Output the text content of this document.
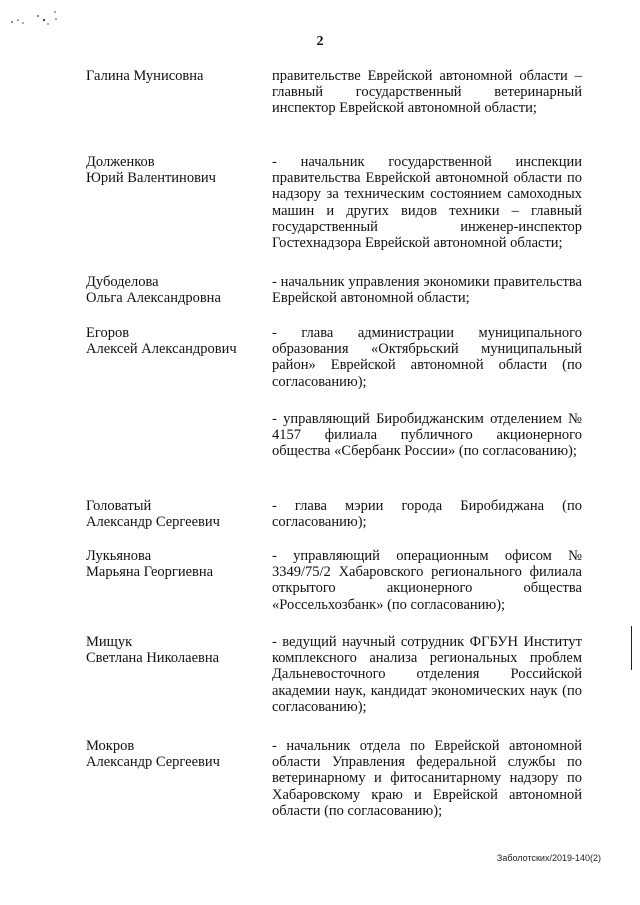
2
Галина Мунисовна	правительстве Еврейской автономной области – главный государственный ветеринарный инспектор Еврейской автономной области;
Долженков
Юрий Валентинович
- начальник государственной инспекции правительства Еврейской автономной области по надзору за техническим состоянием самоходных машин и других видов техники – главный государственный инженер-инспектор Гостехнадзора Еврейской автономной области;
Дубоделова
Ольга Александровна
- начальник управления экономики правительства Еврейской автономной области;
Егоров
Алексей Александрович
- глава администрации муниципального образования «Октябрьский муниципальный район» Еврейской автономной области (по согласованию);
- управляющий Биробиджанским отделением № 4157 филиала публичного акционерного общества «Сбербанк России» (по согласованию);
Головатый
Александр Сергеевич
- глава мэрии города Биробиджана (по согласованию);
Лукьянова
Марьяна Георгиевна
- управляющий операционным офисом № 3349/75/2 Хабаровского регионального филиала открытого акционерного общества «Россельхозбанк» (по согласованию);
Мищук
Светлана Николаевна
- ведущий научный сотрудник ФГБУН Институт комплексного анализа региональных проблем Дальневосточного отделения Российской академии наук, кандидат экономических наук (по согласованию);
Мокров
Александр Сергеевич
- начальник отдела по Еврейской автономной области Управления федеральной службы по ветеринарному и фитосанитарному надзору по Хабаровскому краю и Еврейской автономной области (по согласованию);
Заболотских/2019-140(2)
